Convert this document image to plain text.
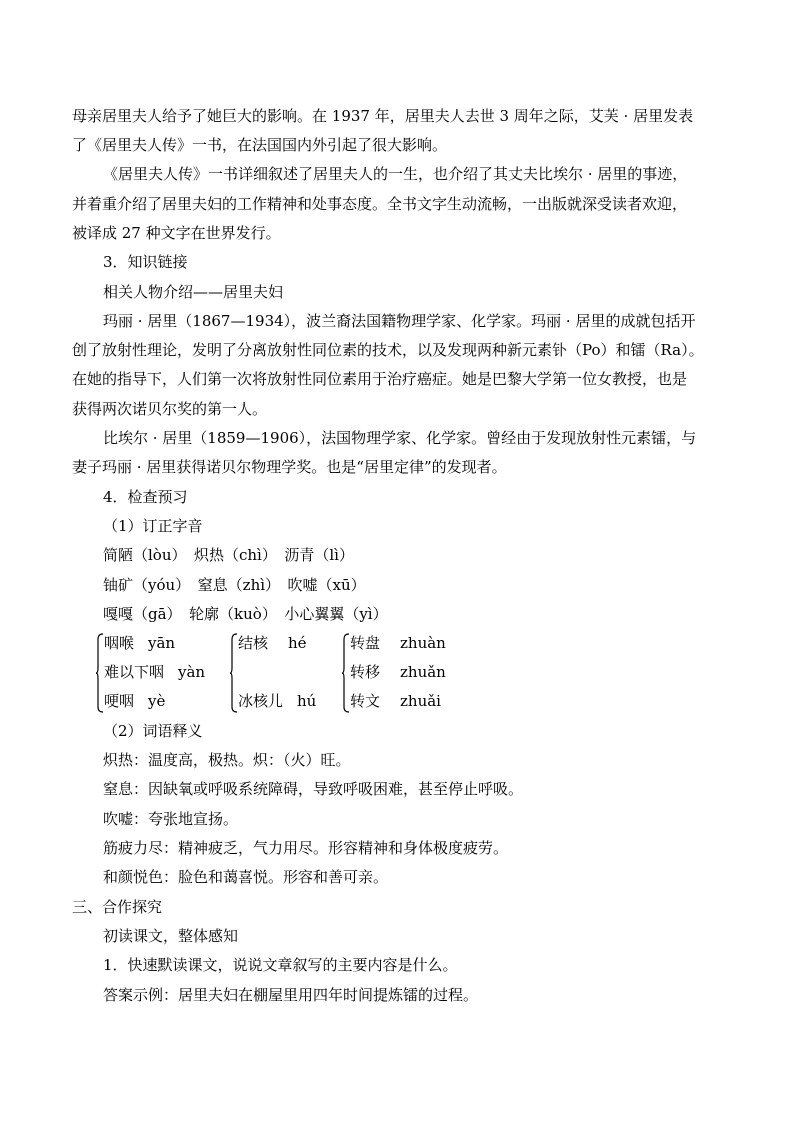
母亲居里夫人给予了她巨大的影响。在 1937 年，居里夫人去世 3 周年之际，艾芙 · 居里发表
了《居里夫人传》一书，在法国国内外引起了很大影响。
《居里夫人传》一书详细叙述了居里夫人的一生，也介绍了其丈夫比埃尔 · 居里的事迹，
并着重介绍了居里夫妇的工作精神和处事态度。全书文字生动流畅，一出版就深受读者欢迎，
被译成 27 种文字在世界发行。
3．知识链接
相关人物介绍——居里夫妇
玛丽 · 居里（1867—1934），波兰裔法国籍物理学家、化学家。玛丽 · 居里的成就包括开
创了放射性理论，发明了分离放射性同位素的技术，以及发现两种新元素钋（Po）和镭（Ra）。
在她的指导下，人们第一次将放射性同位素用于治疗癌症。她是巴黎大学第一位女教授，也是
获得两次诺贝尔奖的第一人。
比埃尔 · 居里（1859—1906），法国物理学家、化学家。曾经由于发现放射性元素镭，与
妻子玛丽 · 居里获得诺贝尔物理学奖。也是“居里定律”的发现者。
4．检查预习
（1）订正字音
简陋（lòu）　炽热（chì）　沥青（lì）
铀矿（yóu）　窒息（zhì）　吹嘘（xū）
嘎嘎（gā）　轮廓（kuò）　小心翼翼（yì）
咽喉 yān
难以下咽 yàn
哽咽 yè
结核 hé
冰核儿 hú
转盘 zhuàn
转移 zhuǎn
转文 zhuǎi
（2）词语释义
炽热：温度高，极热。炽：（火）旺。
窒息：因缺氧或呼吸系统障碍，导致呼吸困难，甚至停止呼吸。
吹嘘：夸张地宣扬。
筋疲力尽：精神疲乏，气力用尽。形容精神和身体极度疲劳。
和颜悦色：脸色和蔼喜悦。形容和善可亲。
三、合作探究
初读课文，整体感知
1．快速默读课文，说说文章叙写的主要内容是什么。
答案示例：居里夫妇在棚屋里用四年时间提炼镭的过程。
